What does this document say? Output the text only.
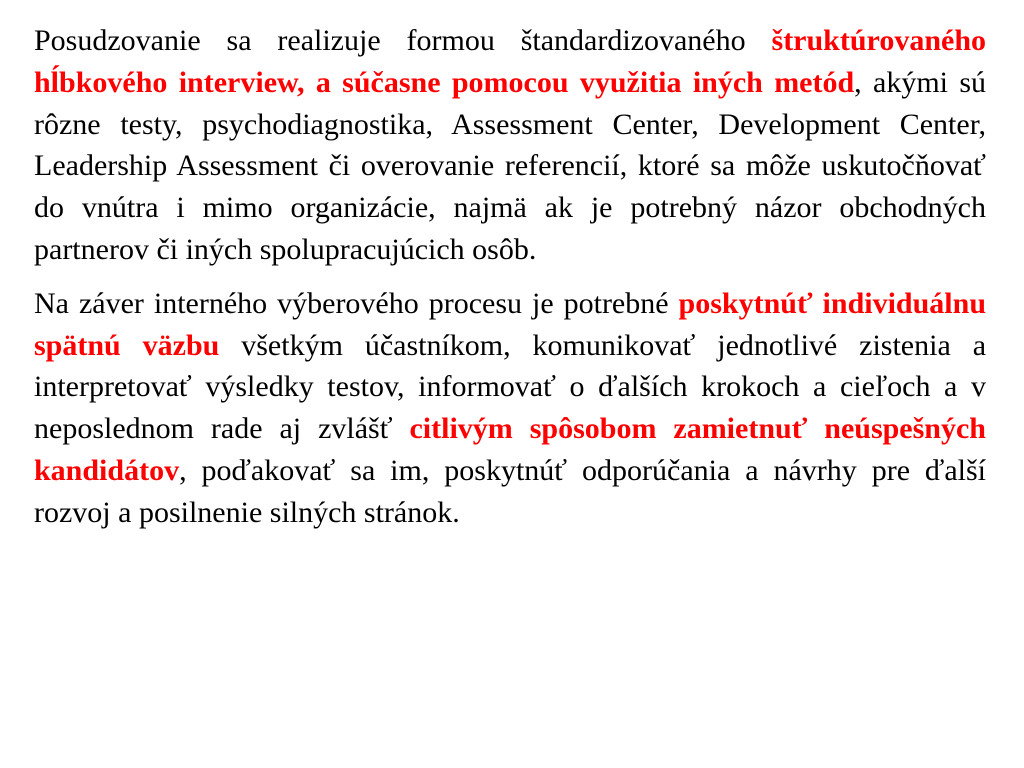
Posudzovanie sa realizuje formou štandardizovaného štruktúrovaného hĺbkového interview, a súčasne pomocou využitia iných metód, akými sú rôzne testy, psychodiagnostika, Assessment Center, Development Center, Leadership Assessment či overovanie referencií, ktoré sa môže uskutočňovať do vnútra i mimo organizácie, najmä ak je potrebný názor obchodných partnerov či iných spolupracujúcich osôb.

Na záver interného výberového procesu je potrebné poskytnúť individuálnu spätnú väzbu všetkým účastníkom, komunikovať jednotlivé zistenia a interpretovať výsledky testov, informovať o ďalších krokoch a cieľoch a v neposlednom rade aj zvlášť citlivým spôsobom zamietnuť neúspešných kandidátov, poďakovať sa im, poskytnúť odporúčania a návrhy pre ďalší rozvoj a posilnenie silných stránok.
